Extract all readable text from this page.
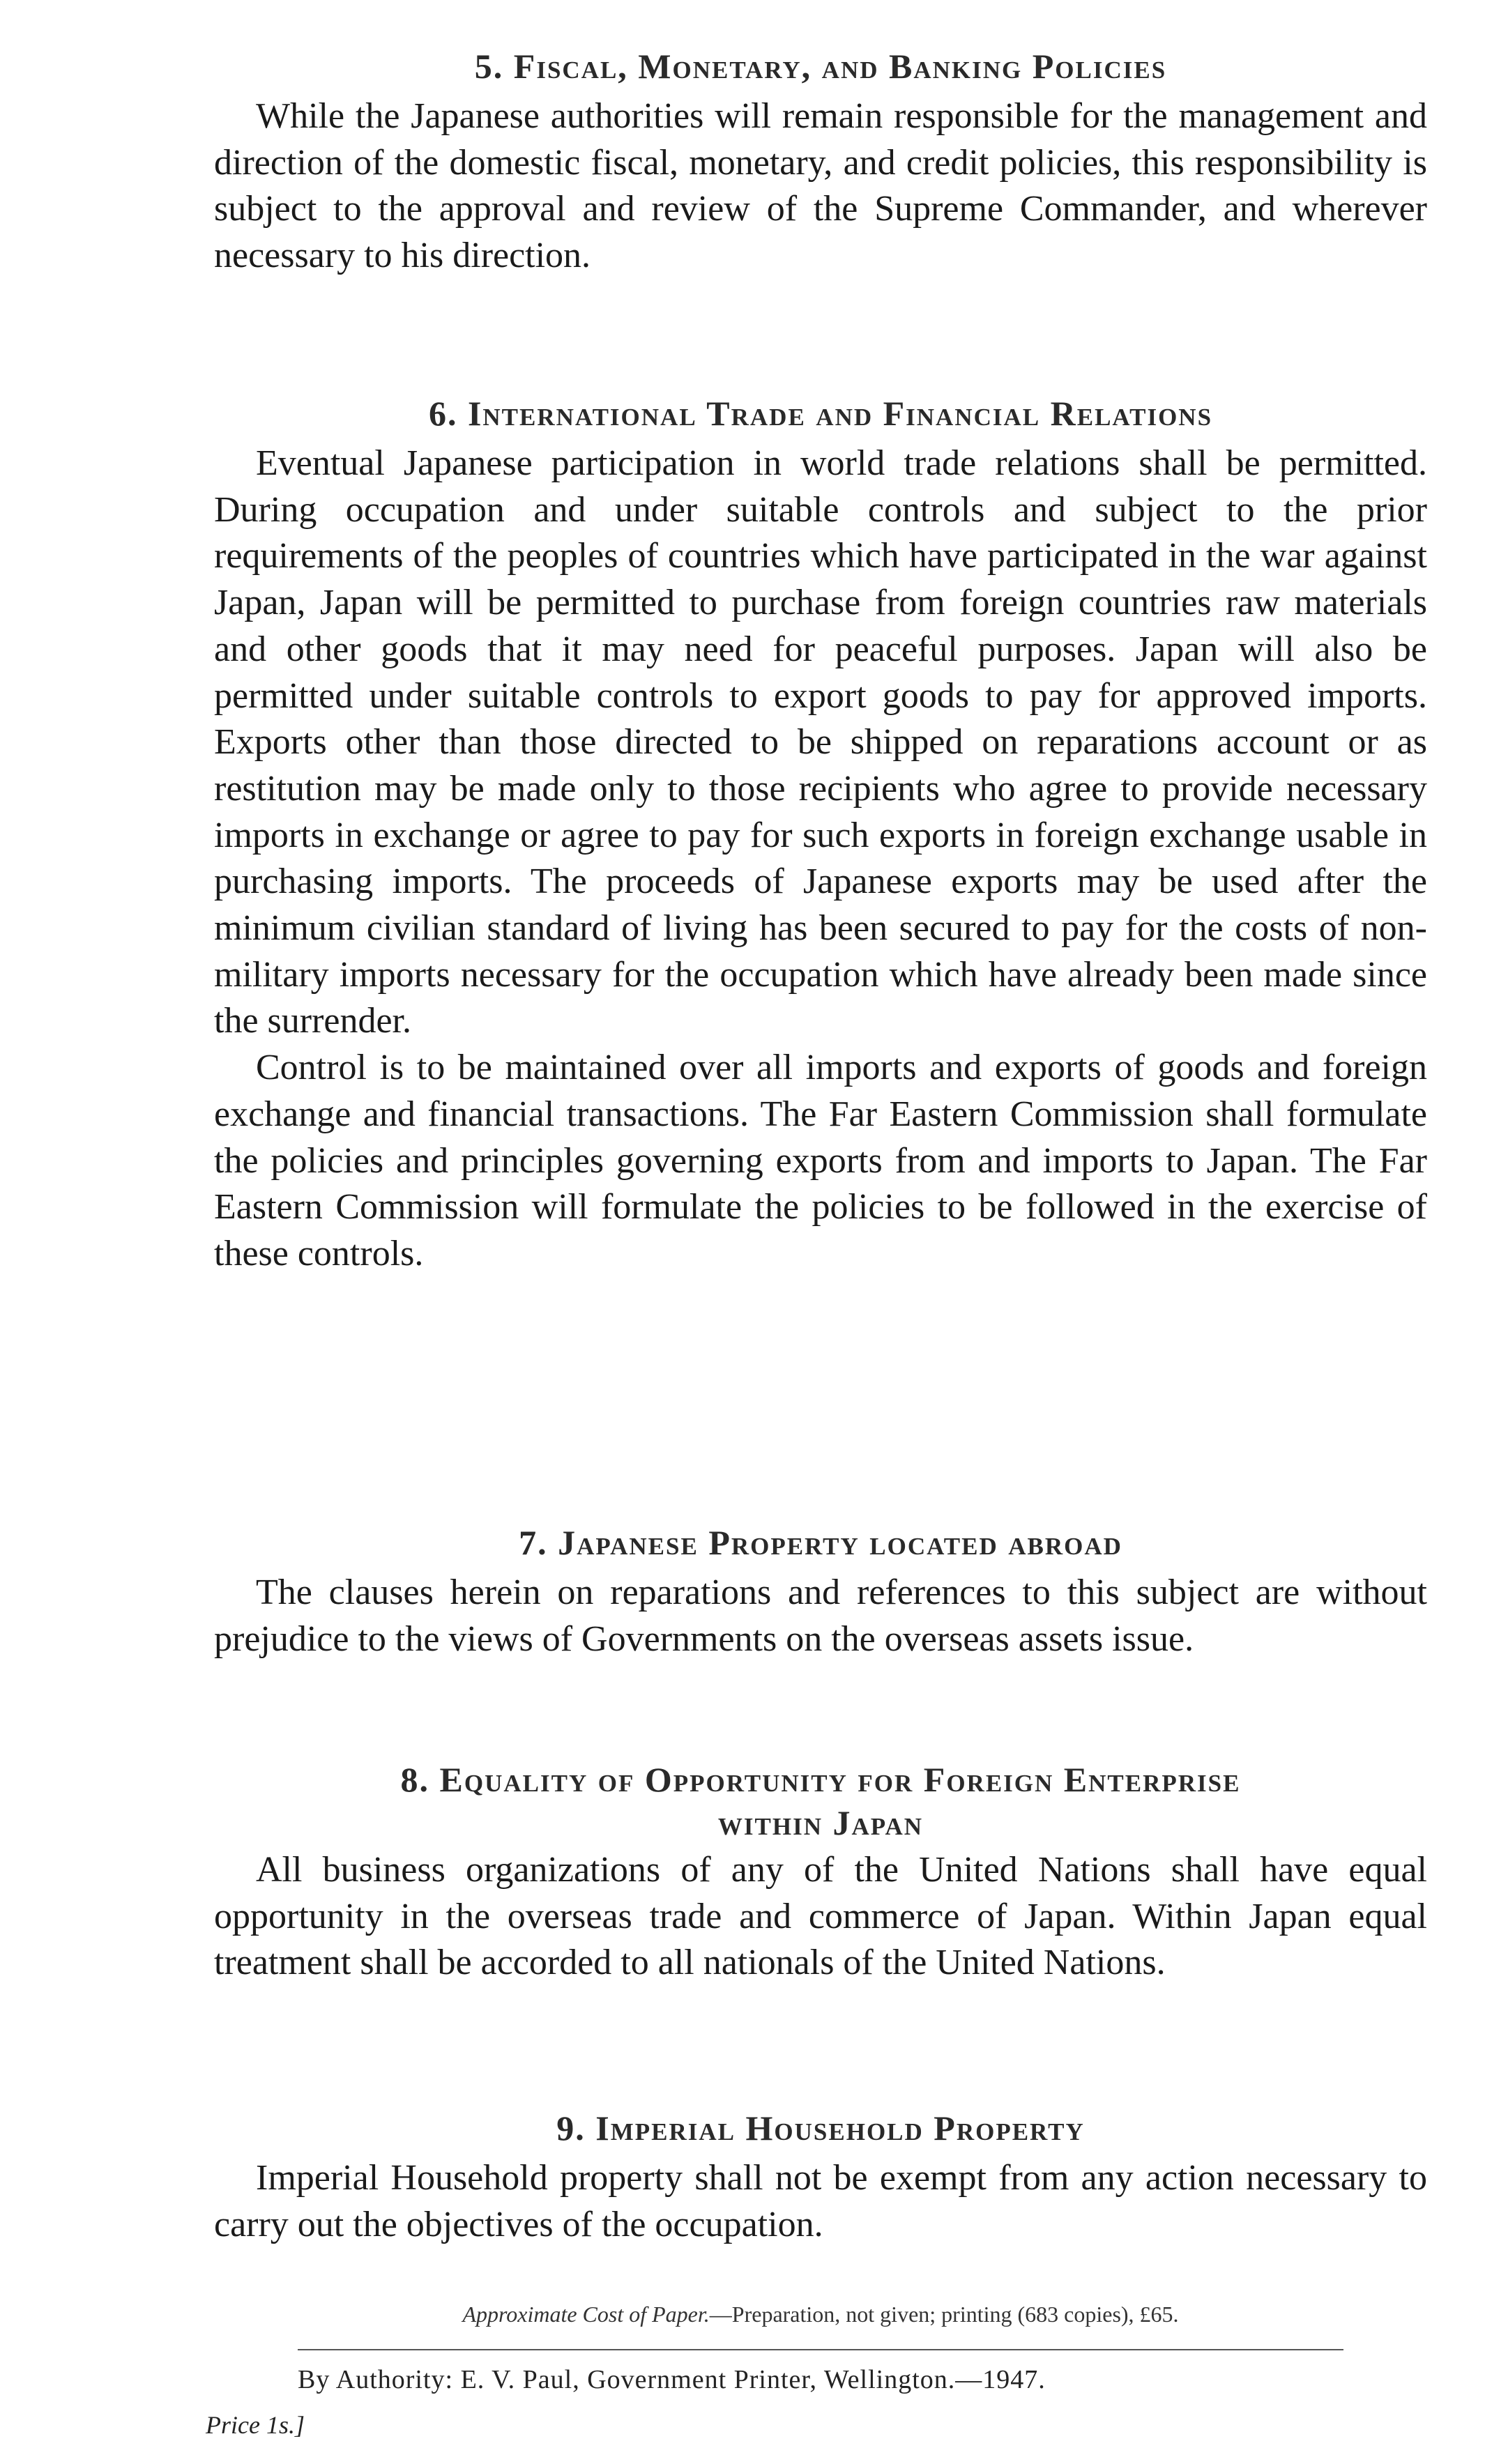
5. Fiscal, Monetary, and Banking Policies

While the Japanese authorities will remain responsible for the management and direction of the domestic fiscal, monetary, and credit policies, this responsibility is subject to the approval and review of the Supreme Commander, and wherever necessary to his direction.

6. International Trade and Financial Relations

Eventual Japanese participation in world trade relations shall be permitted. During occupation and under suitable controls and subject to the prior requirements of the peoples of countries which have participated in the war against Japan, Japan will be permitted to purchase from foreign countries raw materials and other goods that it may need for peaceful purposes. Japan will also be permitted under suitable controls to export goods to pay for approved imports. Exports other than those directed to be shipped on reparations account or as restitution may be made only to those recipients who agree to provide necessary imports in exchange or agree to pay for such exports in foreign exchange usable in purchasing imports. The proceeds of Japanese exports may be used after the minimum civilian standard of living has been secured to pay for the costs of non-military imports necessary for the occupation which have already been made since the surrender.

Control is to be maintained over all imports and exports of goods and foreign exchange and financial transactions. The Far Eastern Commission shall formulate the policies and principles governing exports from and imports to Japan. The Far Eastern Commission will formulate the policies to be followed in the exercise of these controls.

7. Japanese Property located abroad

The clauses herein on reparations and references to this subject are without prejudice to the views of Governments on the overseas assets issue.

8. Equality of Opportunity for Foreign Enterprise
within Japan

All business organizations of any of the United Nations shall have equal opportunity in the overseas trade and commerce of Japan. Within Japan equal treatment shall be accorded to all nationals of the United Nations.

9. Imperial Household Property

Imperial Household property shall not be exempt from any action necessary to carry out the objectives of the occupation.

Approximate Cost of Paper.—Preparation, not given; printing (683 copies), £65.
By Authority: E. V. Paul, Government Printer, Wellington.—1947.
Price 1s.]
